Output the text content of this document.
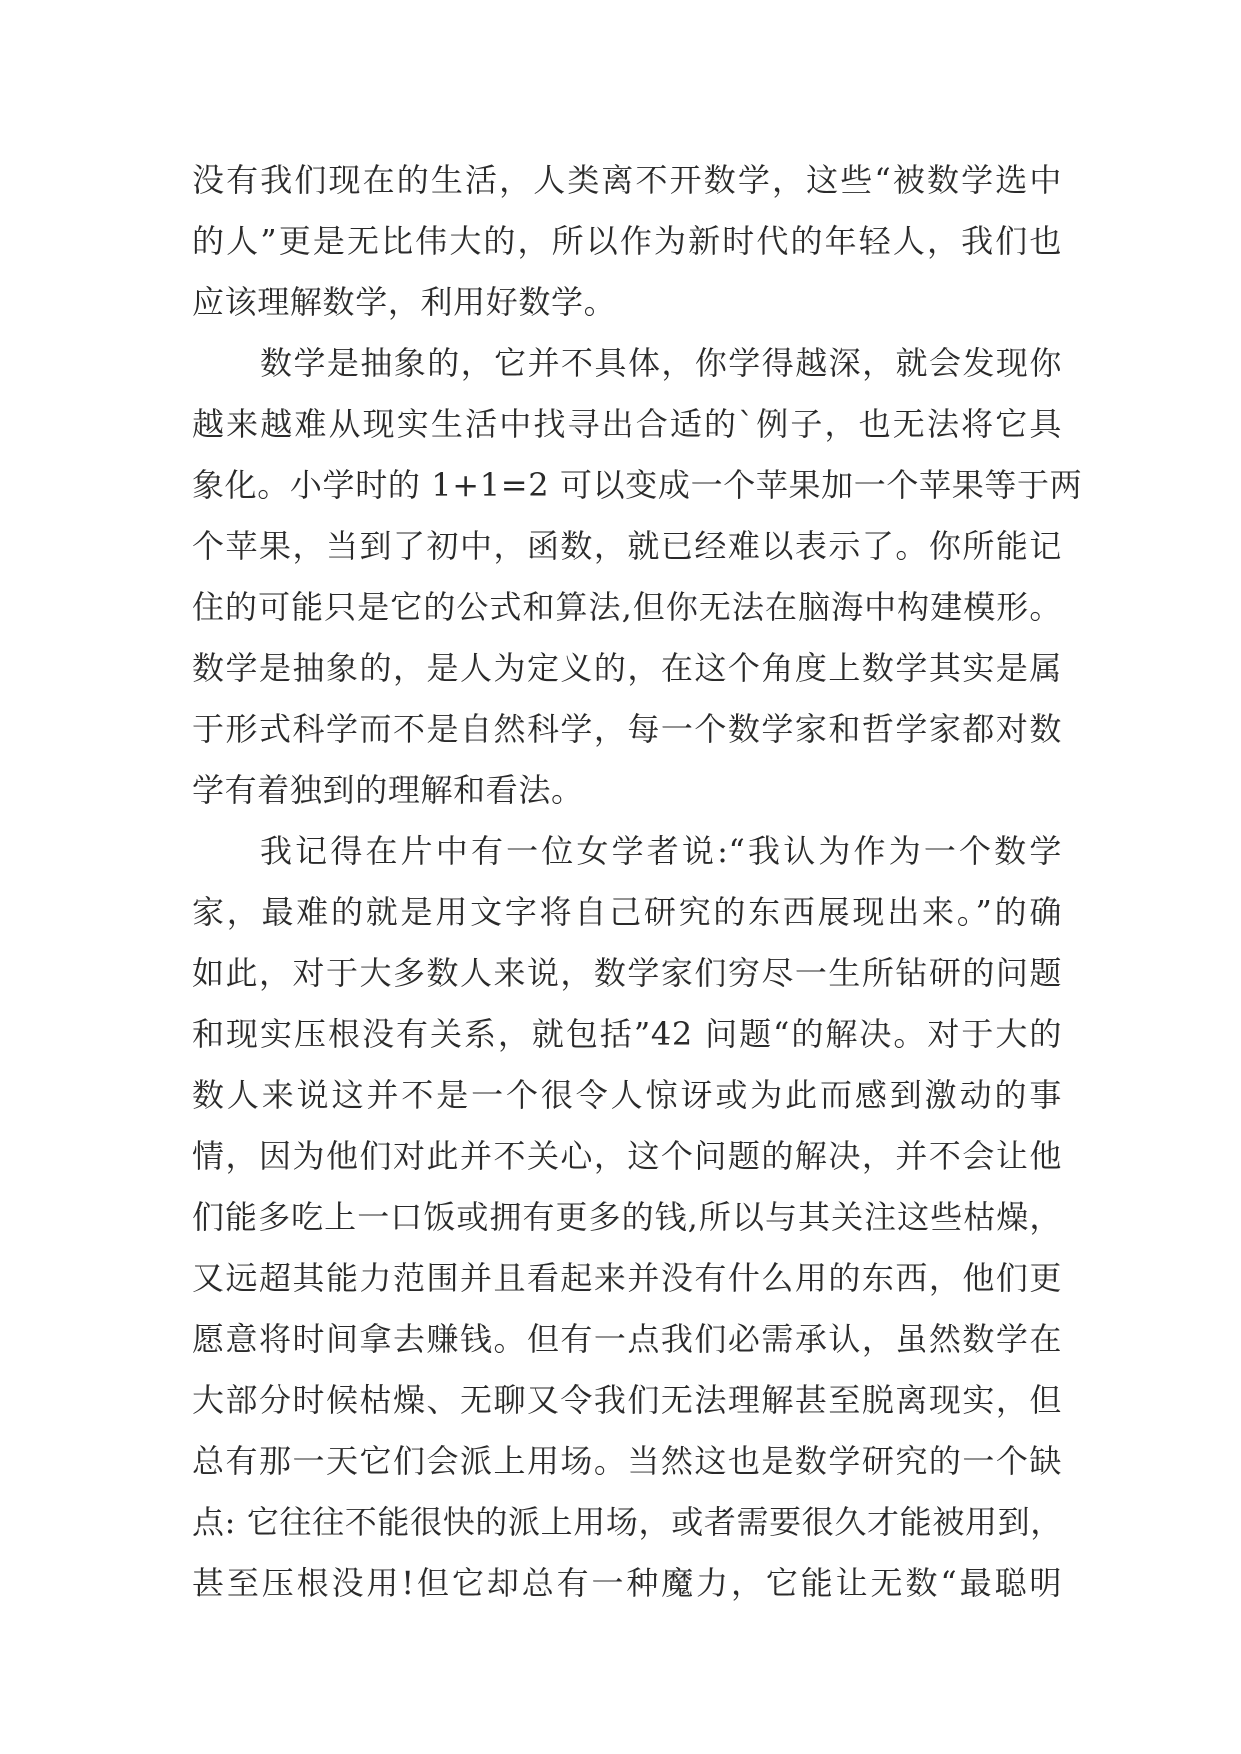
没有我们现在的生活，人类离不开数学，这些“被数学选中
的人”更是无比伟大的，所以作为新时代的年轻人，我们也
应该理解数学，利用好数学。
数学是抽象的，它并不具体，你学得越深，就会发现你
越来越难从现实生活中找寻出合适的`例子，也无法将它具
象化。小学时的 1+1=2 可以变成一个苹果加一个苹果等于两
个苹果，当到了初中，函数，就已经难以表示了。你所能记
住的可能只是它的公式和算法,但你无法在脑海中构建模形。
数学是抽象的，是人为定义的，在这个角度上数学其实是属
于形式科学而不是自然科学，每一个数学家和哲学家都对数
学有着独到的理解和看法。
我记得在片中有一位女学者说:“我认为作为一个数学
家，最难的就是用文字将自己研究的东西展现出来。”的确
如此，对于大多数人来说，数学家们穷尽一生所钻研的问题
和现实压根没有关系，就包括”42 问题“的解决。对于大的
数人来说这并不是一个很令人惊讶或为此而感到激动的事
情，因为他们对此并不关心，这个问题的解决，并不会让他
们能多吃上一口饭或拥有更多的钱,所以与其关注这些枯燥，
又远超其能力范围并且看起来并没有什么用的东西，他们更
愿意将时间拿去赚钱。但有一点我们必需承认，虽然数学在
大部分时候枯燥、无聊又令我们无法理解甚至脱离现实，但
总有那一天它们会派上用场。当然这也是数学研究的一个缺
点: 它往往不能很快的派上用场，或者需要很久才能被用到，
甚至压根没用!但它却总有一种魔力，它能让无数“最聪明
